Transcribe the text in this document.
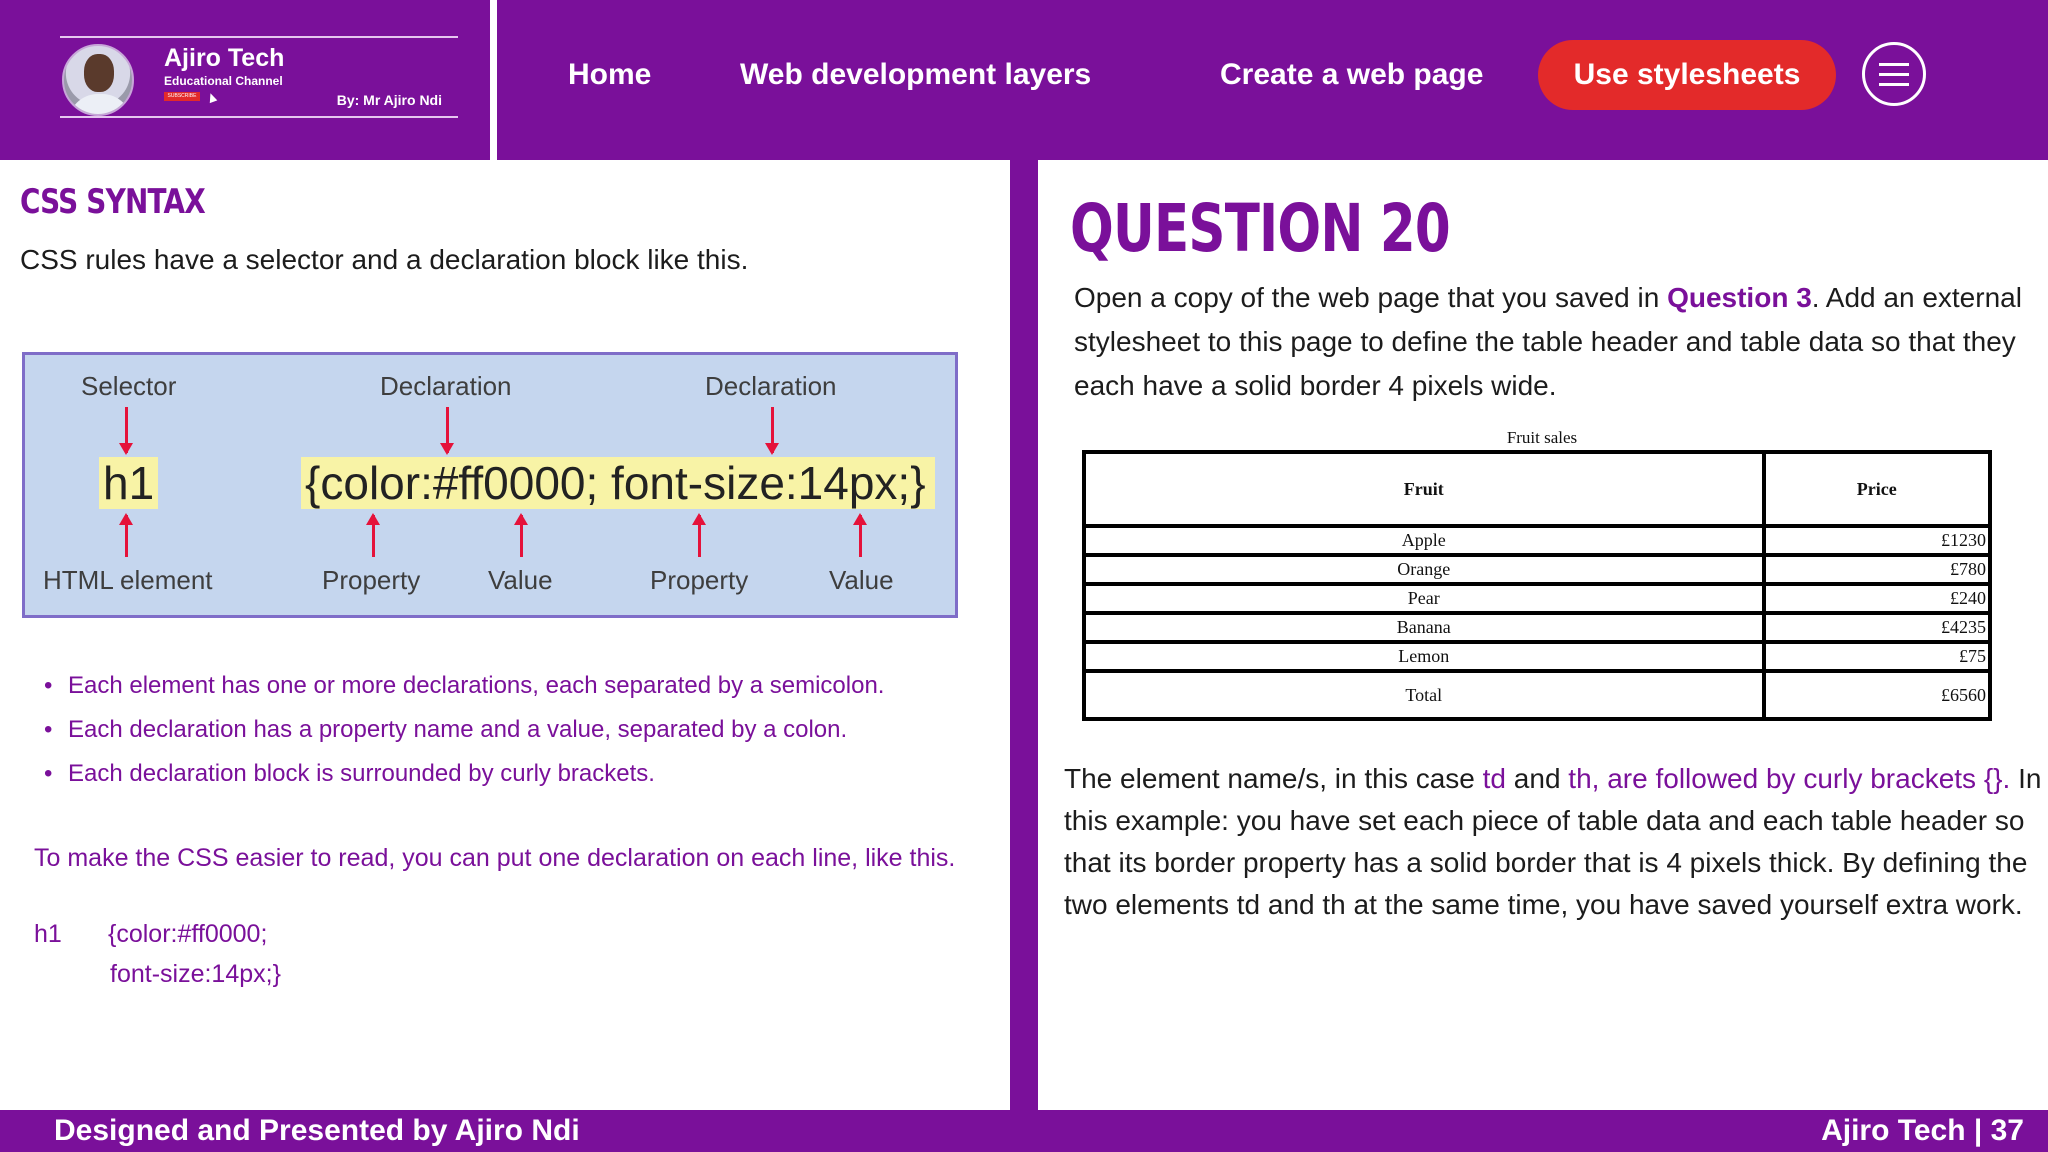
Ajiro Tech
Educational Channel
SUBSCRIBE	By: Mr Ajiro Ndi
Home	Web development layers	Create a web page	Use stylesheets
CSS SYNTAX
CSS rules have a selector and a declaration block like this.
Selector	Declaration	Declaration
h1	{color:#ff0000; font-size:14px;}
HTML element	Property	Value	Property	Value
• Each element has one or more declarations, each separated by a semicolon.
• Each declaration has a property name and a value, separated by a colon.
• Each declaration block is surrounded by curly brackets.
To make the CSS easier to read, you can put one declaration on each line, like this.
h1 {color:#ff0000;
font-size:14px;}
QUESTION 20
Open a copy of the web page that you saved in Question 3. Add an external stylesheet to this page to define the table header and table data so that they each have a solid border 4 pixels wide.
Fruit sales
Fruit	Price
Apple	£1230
Orange	£780
Pear	£240
Banana	£4235
Lemon	£75
Total	£6560
The element name/s, in this case td and th, are followed by curly brackets {}. In this example: you have set each piece of table data and each table header so that its border property has a solid border that is 4 pixels thick. By defining the two elements td and th at the same time, you have saved yourself extra work.
Designed and Presented by Ajiro Ndi	Ajiro Tech | 37
